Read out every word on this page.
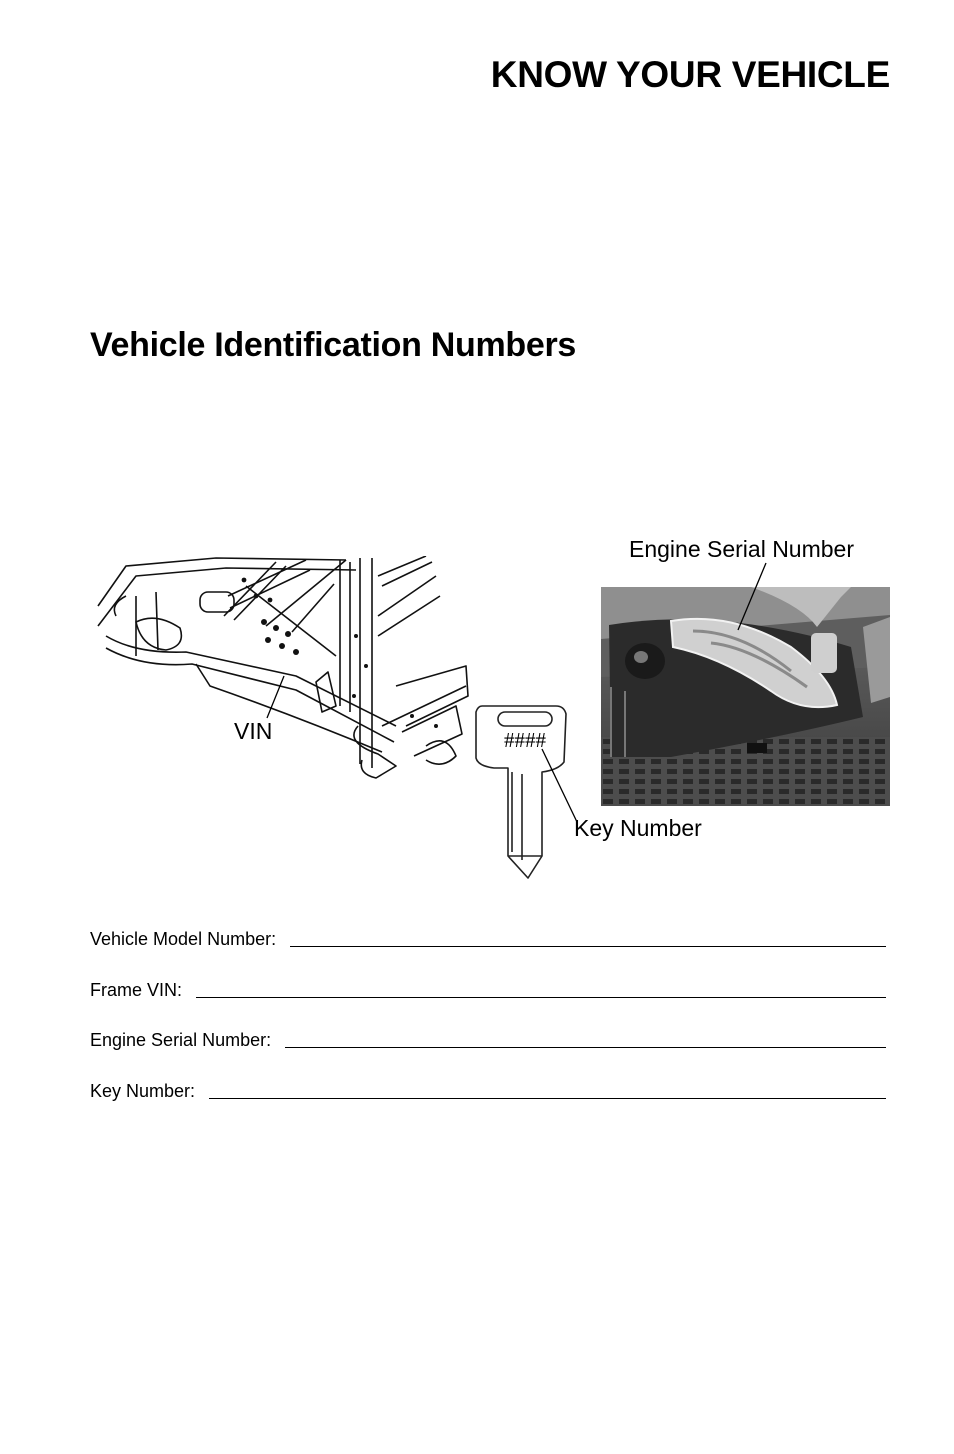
KNOW YOUR VEHICLE
Vehicle Identification Numbers
####
VIN
Engine Serial Number
Key Number
Vehicle Model Number:
Frame VIN:
Engine Serial Number:
Key Number:
